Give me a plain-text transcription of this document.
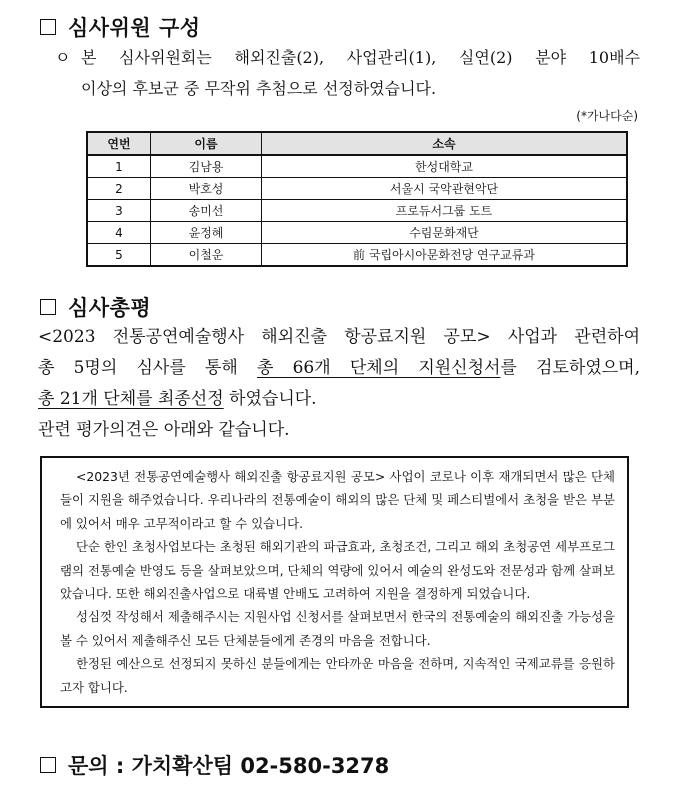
심사위원 구성
ㅇ 본 심사위원회는 해외진출(2), 사업관리(1), 실연(2) 분야 10배수
이상의 후보군 중 무작위 추첨으로 선정하였습니다.
(*가나다순)
연번	이름	소속
1	김남용	한성대학교
2	박호성	서울시 국악관현악단
3	송미선	프로듀서그룹 도트
4	윤정혜	수림문화재단
5	이철운	前 국립아시아문화전당 연구교류과
심사총평
<2023 전통공연예술행사 해외진출 항공료지원 공모> 사업과 관련하여
총 5명의 심사를 통해 총 66개 단체의 지원신청서를 검토하였으며,
총 21개 단체를 최종선정 하였습니다.
관련 평가의견은 아래와 같습니다.

<2023년 전통공연예술행사 해외진출 항공료지원 공모> 사업이 코로나 이후 재개되면서 많은 단체들이 지원을 해주었습니다. 우리나라의 전통예술이 해외의 많은 단체 및 페스티벌에서 초청을 받은 부분에 있어서 매우 고무적이라고 할 수 있습니다.

단순 한인 초청사업보다는 초청된 해외기관의 파급효과, 초청조건, 그리고 해외 초청공연 세부프로그램의 전통예술 반영도 등을 살펴보았으며, 단체의 역량에 있어서 예술의 완성도와 전문성과 함께 살펴보았습니다. 또한 해외진출사업으로 대륙별 안배도 고려하여 지원을 결정하게 되었습니다.

성심껏 작성해서 제출해주시는 지원사업 신청서를 살펴보면서 한국의 전통예술의 해외진출 가능성을 볼 수 있어서 제출해주신 모든 단체분들에게 존경의 마음을 전합니다.

한정된 예산으로 선정되지 못하신 분들에게는 안타까운 마음을 전하며, 지속적인 국제교류를 응원하고자 합니다.

문의 : 가치확산팀 02-580-3278
